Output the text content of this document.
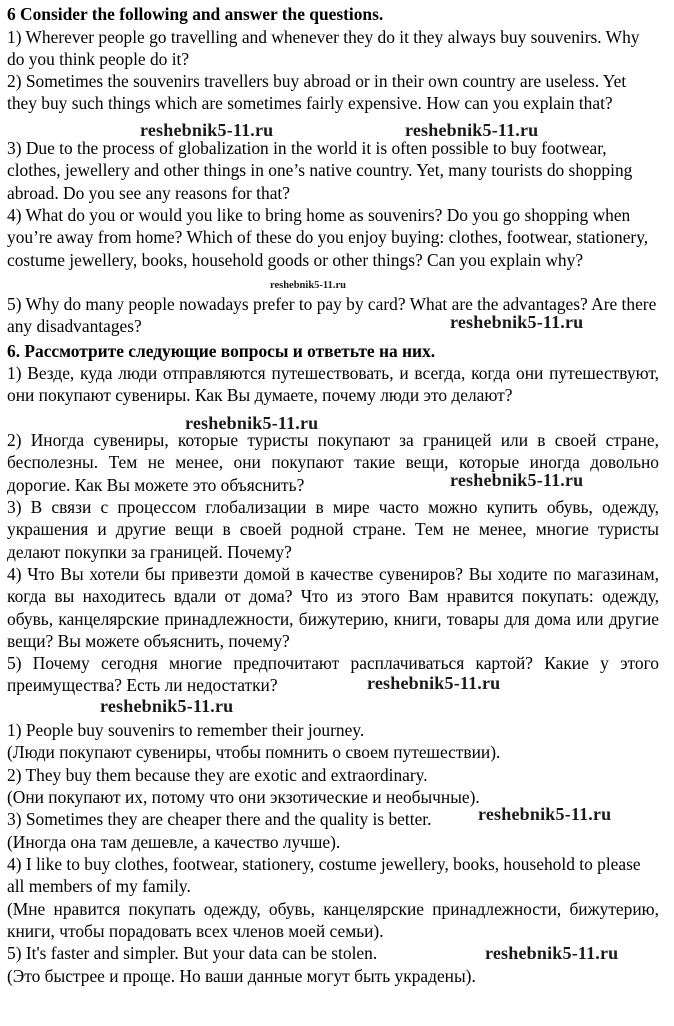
6 Consider the following and answer the questions.

1) Wherever people go travelling and whenever they do it they always buy souvenirs. Why do you think people do it?

2) Sometimes the souvenirs travellers buy abroad or in their own country are useless. Yet they buy such things which are sometimes fairly expensive. How can you explain that?

3) Due to the process of globalization in the world it is often possible to buy footwear, clothes, jewellery and other things in one’s native country. Yet, many tourists do shopping abroad. Do you see any reasons for that?

4) What do you or would you like to bring home as souvenirs? Do you go shopping when you’re away from home? Which of these do you enjoy buying: clothes, footwear, stationery, costume jewellery, books, household goods or other things? Can you explain why?

5) Why do many people nowadays prefer to pay by card? What are the advantages? Are there any disadvantages?

6. Рассмотрите следующие вопросы и ответьте на них.

1) Везде, куда люди отправляются путешествовать, и всегда, когда они путешествуют, они покупают сувениры. Как Вы думаете, почему люди это делают?

2) Иногда сувениры, которые туристы покупают за границей или в своей стране, бесполезны. Тем не менее, они покупают такие вещи, которые иногда довольно дорогие. Как Вы можете это объяснить?

3) В связи с процессом глобализации в мире часто можно купить обувь, одежду, украшения и другие вещи в своей родной стране. Тем не менее, многие туристы делают покупки за границей. Почему?

4) Что Вы хотели бы привезти домой в качестве сувениров? Вы ходите по магазинам, когда вы находитесь вдали от дома? Что из этого Вам нравится покупать: одежду, обувь, канцелярские принадлежности, бижутерию, книги, товары для дома или другие вещи? Вы можете объяснить, почему?

5) Почему сегодня многие предпочитают расплачиваться картой? Какие у этого преимущества? Есть ли недостатки?

1) People buy souvenirs to remember their journey.

(Люди покупают сувениры, чтобы помнить о своем путешествии).

2) They buy them because they are exotic and extraordinary.

(Они покупают их, потому что они экзотические и необычные).

3) Sometimes they are cheaper there and the quality is better.

(Иногда она там дешевле, а качество лучше).

4) I like to buy clothes, footwear, stationery, costume jewellery, books, household to please all members of my family.

(Мне нравится покупать одежду, обувь, канцелярские принадлежности, бижутерию, книги, чтобы порадовать всех членов моей семьи).

5) It's faster and simpler. But your data can be stolen.

(Это быстрее и проще. Но ваши данные могут быть украдены).

reshebnik5-11.ru	reshebnik5-11.ru
reshebnik5-11.ru
reshebnik5-11.ru
reshebnik5-11.ru
reshebnik5-11.ru
reshebnik5-11.ru
reshebnik5-11.ru
reshebnik5-11.ru
reshebnik5-11.ru
